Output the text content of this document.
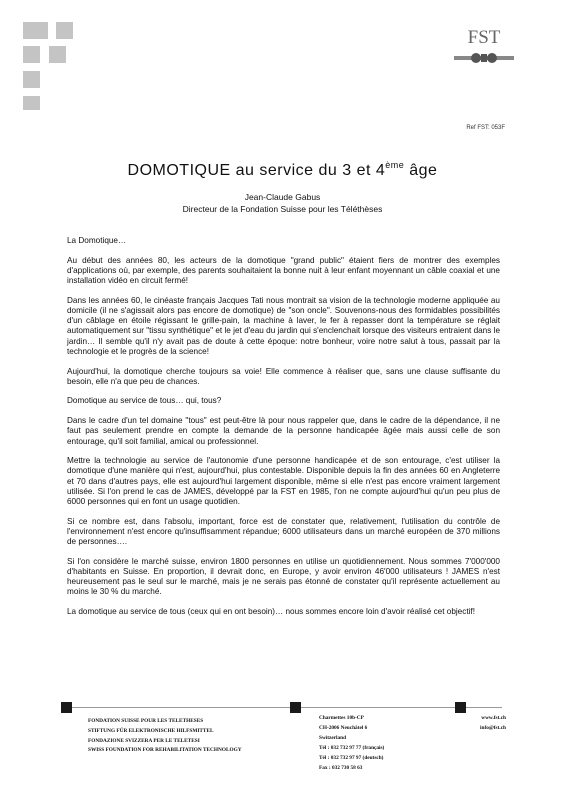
FST
Ref FST: 053F
DOMOTIQUE au service du 3 et 4ème âge
Jean-Claude Gabus
Directeur de la Fondation Suisse pour les Téléthèses

La Domotique…

Au début des années 80, les acteurs de la domotique "grand public" étaient fiers de montrer des exemples d'applications où, par exemple, des parents souhaitaient la bonne nuit à leur enfant moyennant un câble coaxial et une installation vidéo en circuit fermé!

Dans les années 60, le cinéaste français Jacques Tati nous montrait sa vision de la technologie moderne appliquée au domicile (il ne s'agissait alors pas encore de domotique) de "son oncle". Souvenons-nous des formidables possibilités d'un câblage en étoile régissant le grille-pain, la machine à laver, le fer à repasser dont la température se réglait automatiquement sur "tissu synthétique" et le jet d'eau du jardin qui s'enclenchait lorsque des visiteurs entraient dans le jardin… Il semble qu'il n'y avait pas de doute à cette époque: notre bonheur, voire notre salut à tous, passait par la technologie et le progrès de la science!

Aujourd'hui, la domotique cherche toujours sa voie! Elle commence à réaliser que, sans une clause suffisante du besoin, elle n'a que peu de chances.

Domotique au service de tous… qui, tous?

Dans le cadre d'un tel domaine "tous" est peut-être là pour nous rappeler que, dans le cadre de la dépendance, il ne faut pas seulement prendre en compte la demande de la personne handicapée âgée mais aussi celle de son entourage, qu'il soit familial, amical ou professionnel.

Mettre la technologie au service de l'autonomie d'une personne handicapée et de son entourage, c'est utiliser la domotique d'une manière qui n'est, aujourd'hui, plus contestable. Disponible depuis la fin des années 60 en Angleterre et 70 dans d'autres pays, elle est aujourd'hui largement disponible, même si elle n'est pas encore vraiment largement utilisée. Si l'on prend le cas de JAMES, développé par la FST en 1985, l'on ne compte aujourd'hui qu'un peu plus de 6000 personnes qui en font un usage quotidien.

Si ce nombre est, dans l'absolu, important, force est de constater que, relativement, l'utilisation du contrôle de l'environnement n'est encore qu'insuffisamment répandue; 6000 utilisateurs dans un marché européen de 370 millions de personnes….

Si l'on considère le marché suisse, environ 1800 personnes en utilise un quotidiennement. Nous sommes 7'000'000 d'habitants en Suisse. En proportion, il devrait donc, en Europe, y avoir environ 46'000 utilisateurs ! JAMES n'est heureusement pas le seul sur le marché, mais je ne serais pas étonné de constater qu'il représente actuellement au moins le 30 % du marché.

La domotique au service de tous (ceux qui en ont besoin)… nous sommes encore loin d'avoir réalisé cet objectif!

FONDATION SUISSE POUR LES TELETHESES
STIFTUNG FÜR ELEKTRONISCHE HILFSMITTEL
FONDAZIONE SVIZZERA PER LE TELETESI
SWISS FOUNDATION FOR REHABILITATION TECHNOLOGY
Charmettes 10b-CP
CH-2006 Neuchâtel 6
Switzerland
Tél : 032 732 97 77 (français)
Tél : 032 732 97 97 (deutsch)
Fax : 032 730 58 63
www.fst.ch
info@fst.ch
